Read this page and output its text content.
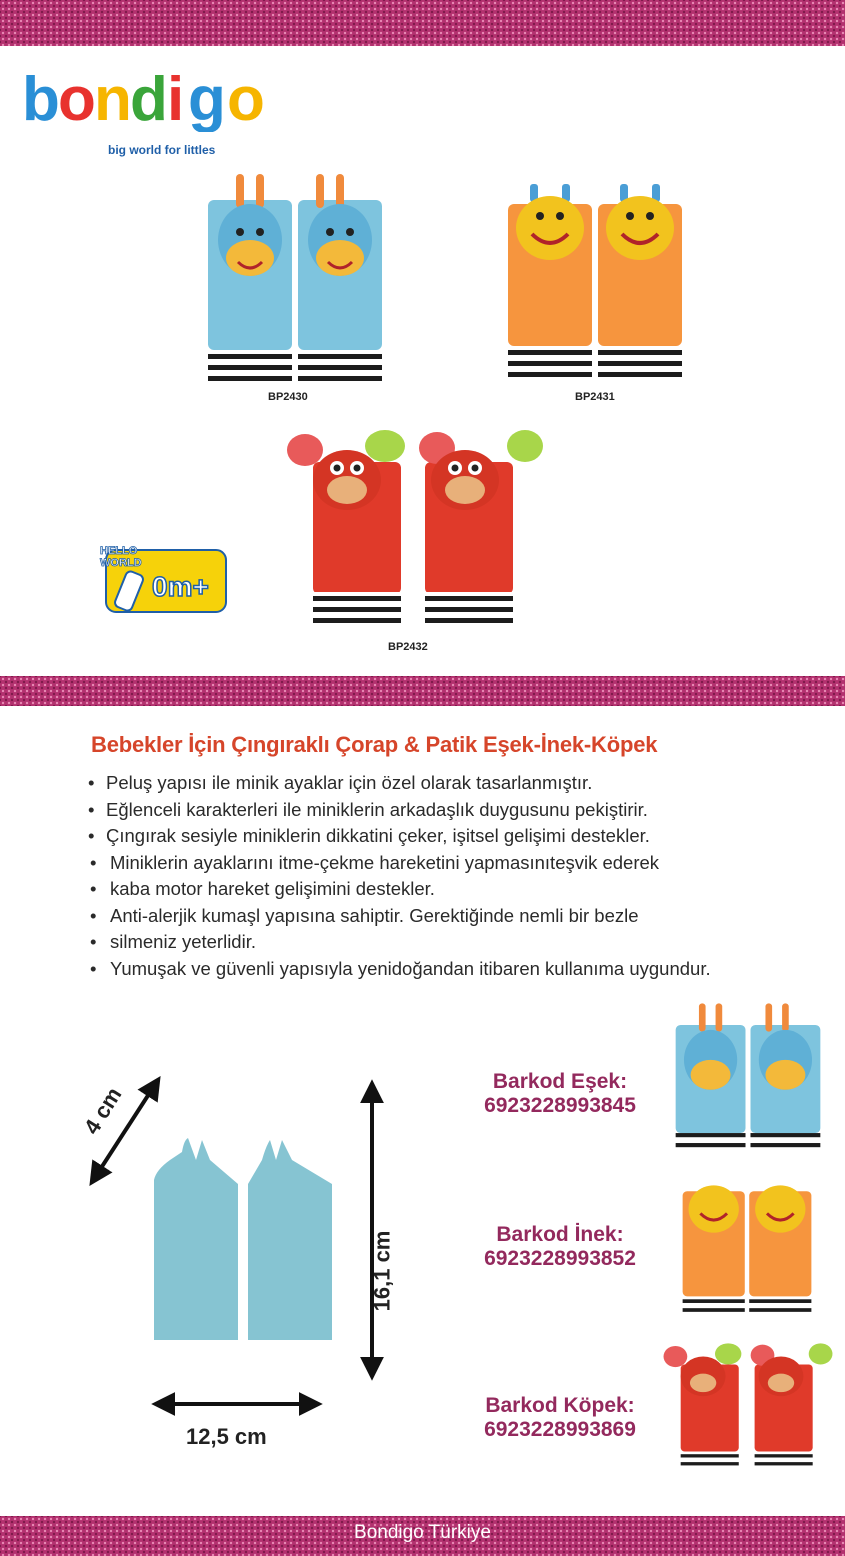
b
o
n
d i g o
big world for littles
BP2430	BP2431
BP2432
HELLO
WORLD
0m+
Bebekler İçin Çıngıraklı Çorap & Patik Eşek-İnek-Köpek
• Peluş yapısı ile minik ayaklar için özel olarak tasarlanmıştır.
• Eğlenceli karakterleri ile miniklerin arkadaşlık duygusunu pekiştirir.
• Çıngırak sesiyle miniklerin dikkatini çeker, işitsel gelişimi destekler.
• Miniklerin ayaklarını itme-çekme hareketini yapmasınıteşvik ederek
• kaba motor hareket gelişimini destekler.
• Anti-alerjik kumaşl yapısına sahiptir. Gerektiğinde nemli bir bezle
• silmeniz yeterlidir.
• Yumuşak ve güvenli yapısıyla yenidoğandan itibaren kullanıma uygundur.
4 cm
16,1 cm
12,5 cm
Barkod Eşek:
6923228993845
Barkod İnek:
6923228993852
Barkod Köpek:
6923228993869
Bondigo Türkiye
